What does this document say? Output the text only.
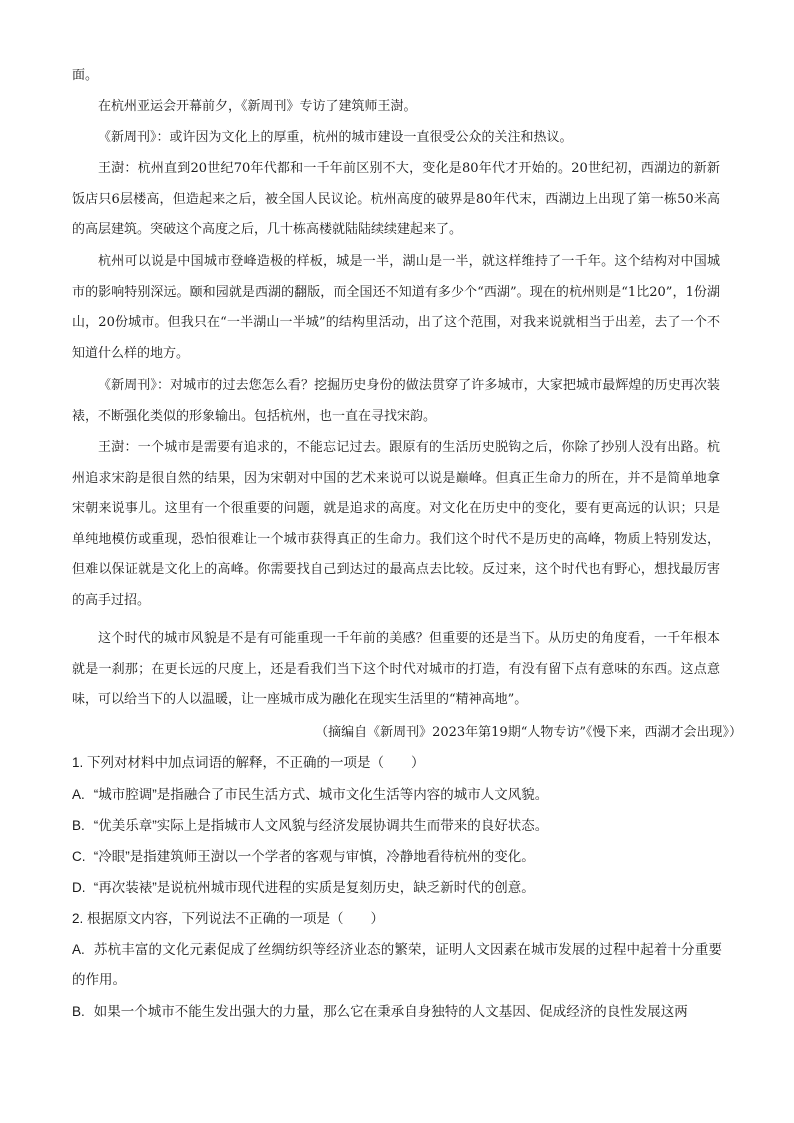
面。
在杭州亚运会开幕前夕，《新周刊》专访了建筑师王澍。
《新周刊》：或许因为文化上的厚重，杭州的城市建设一直很受公众的关注和热议。
王澍：杭州直到20世纪70年代都和一千年前区别不大，变化是80年代才开始的。20世纪初，西湖边的新新饭店只6层楼高，但造起来之后，被全国人民议论。杭州高度的破界是80年代末，西湖边上出现了第一栋50米高的高层建筑。突破这个高度之后，几十栋高楼就陆陆续续建起来了。
杭州可以说是中国城市登峰造极的样板，城是一半，湖山是一半，就这样维持了一千年。这个结构对中国城市的影响特别深远。颐和园就是西湖的翻版，而全国还不知道有多少个“西湖”。现在的杭州则是“1比20”，1份湖山，20份城市。但我只在“一半湖山一半城”的结构里活动，出了这个范围，对我来说就相当于出差，去了一个不知道什么样的地方。
《新周刊》：对城市的过去您怎么看？挖掘历史身份的做法贯穿了许多城市，大家把城市最辉煌的历史再次装裱，不断强化类似的形象输出。包括杭州，也一直在寻找宋韵。
王澍：一个城市是需要有追求的，不能忘记过去。跟原有的生活历史脱钩之后，你除了抄别人没有出路。杭州追求宋韵是很自然的结果，因为宋朝对中国的艺术来说可以说是巅峰。但真正生命力的所在，并不是简单地拿宋朝来说事儿。这里有一个很重要的问题，就是追求的高度。对文化在历史中的变化，要有更高远的认识；只是单纯地模仿或重现，恐怕很难让一个城市获得真正的生命力。我们这个时代不是历史的高峰，物质上特别发达，但难以保证就是文化上的高峰。你需要找自己到达过的最高点去比较。反过来，这个时代也有野心，想找最厉害的高手过招。
这个时代的城市风貌是不是有可能重现一千年前的美感？但重要的还是当下。从历史的角度看，一千年根本就是一刹那；在更长远的尺度上，还是看我们当下这个时代对城市的打造，有没有留下点有意味的东西。这点意味，可以给当下的人以温暖，让一座城市成为融化在现实生活里的“精神高地”。
（摘编自《新周刊》2023年第19期“人物专访”《慢下来，西湖才会出现》）
1. 下列对材料中加点词语的解释，不正确的一项是（　　）
A. “城市腔调”是指融合了市民生活方式、城市文化生活等内容的城市人文风貌。
B. “优美乐章”实际上是指城市人文风貌与经济发展协调共生而带来的良好状态。
C. “冷眼”是指建筑师王澍以一个学者的客观与审慎，冷静地看待杭州的变化。
D. “再次装裱”是说杭州城市现代进程的实质是复刻历史，缺乏新时代的创意。
2. 根据原文内容，下列说法不正确的一项是（　　）
A. 苏杭丰富的文化元素促成了丝绸纺织等经济业态的繁荣，证明人文因素在城市发展的过程中起着十分重要的作用。
B. 如果一个城市不能生发出强大的力量，那么它在秉承自身独特的人文基因、促成经济的良性发展这两
